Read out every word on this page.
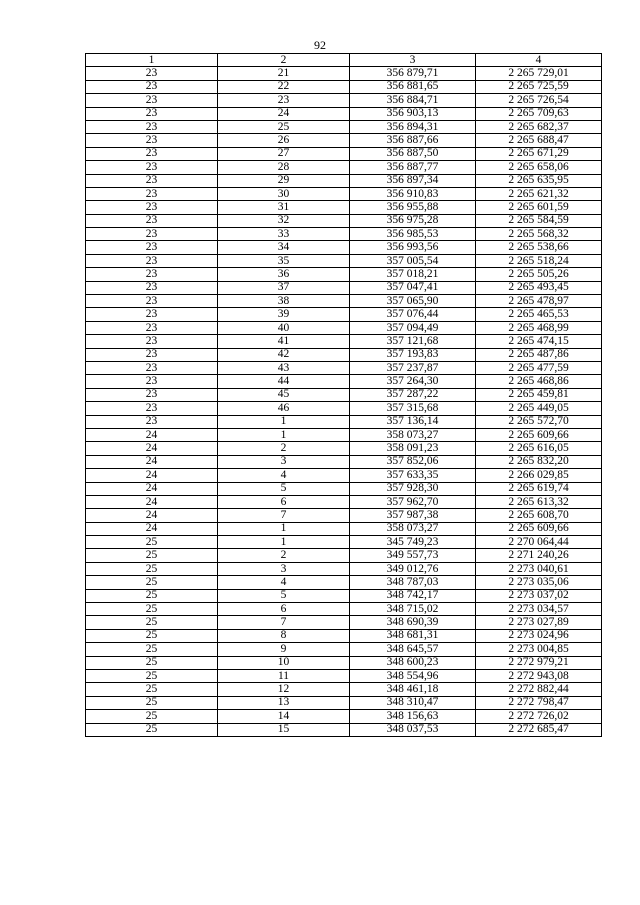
92
1	2	3	4
23	21	356 879,71	2 265 729,01
23	22	356 881,65	2 265 725,59
23	23	356 884,71	2 265 726,54
23	24	356 903,13	2 265 709,63
23	25	356 894,31	2 265 682,37
23	26	356 887,66	2 265 688,47
23	27	356 887,50	2 265 671,29
23	28	356 887,77	2 265 658,06
23	29	356 897,34	2 265 635,95
23	30	356 910,83	2 265 621,32
23	31	356 955,88	2 265 601,59
23	32	356 975,28	2 265 584,59
23	33	356 985,53	2 265 568,32
23	34	356 993,56	2 265 538,66
23	35	357 005,54	2 265 518,24
23	36	357 018,21	2 265 505,26
23	37	357 047,41	2 265 493,45
23	38	357 065,90	2 265 478,97
23	39	357 076,44	2 265 465,53
23	40	357 094,49	2 265 468,99
23	41	357 121,68	2 265 474,15
23	42	357 193,83	2 265 487,86
23	43	357 237,87	2 265 477,59
23	44	357 264,30	2 265 468,86
23	45	357 287,22	2 265 459,81
23	46	357 315,68	2 265 449,05
23	1	357 136,14	2 265 572,70
24	1	358 073,27	2 265 609,66
24	2	358 091,23	2 265 616,05
24	3	357 852,06	2 265 832,20
24	4	357 633,35	2 266 029,85
24	5	357 928,30	2 265 619,74
24	6	357 962,70	2 265 613,32
24	7	357 987,38	2 265 608,70
24	1	358 073,27	2 265 609,66
25	1	345 749,23	2 270 064,44
25	2	349 557,73	2 271 240,26
25	3	349 012,76	2 273 040,61
25	4	348 787,03	2 273 035,06
25	5	348 742,17	2 273 037,02
25	6	348 715,02	2 273 034,57
25	7	348 690,39	2 273 027,89
25	8	348 681,31	2 273 024,96
25	9	348 645,57	2 273 004,85
25	10	348 600,23	2 272 979,21
25	11	348 554,96	2 272 943,08
25	12	348 461,18	2 272 882,44
25	13	348 310,47	2 272 798,47
25	14	348 156,63	2 272 726,02
25	15	348 037,53	2 272 685,47
